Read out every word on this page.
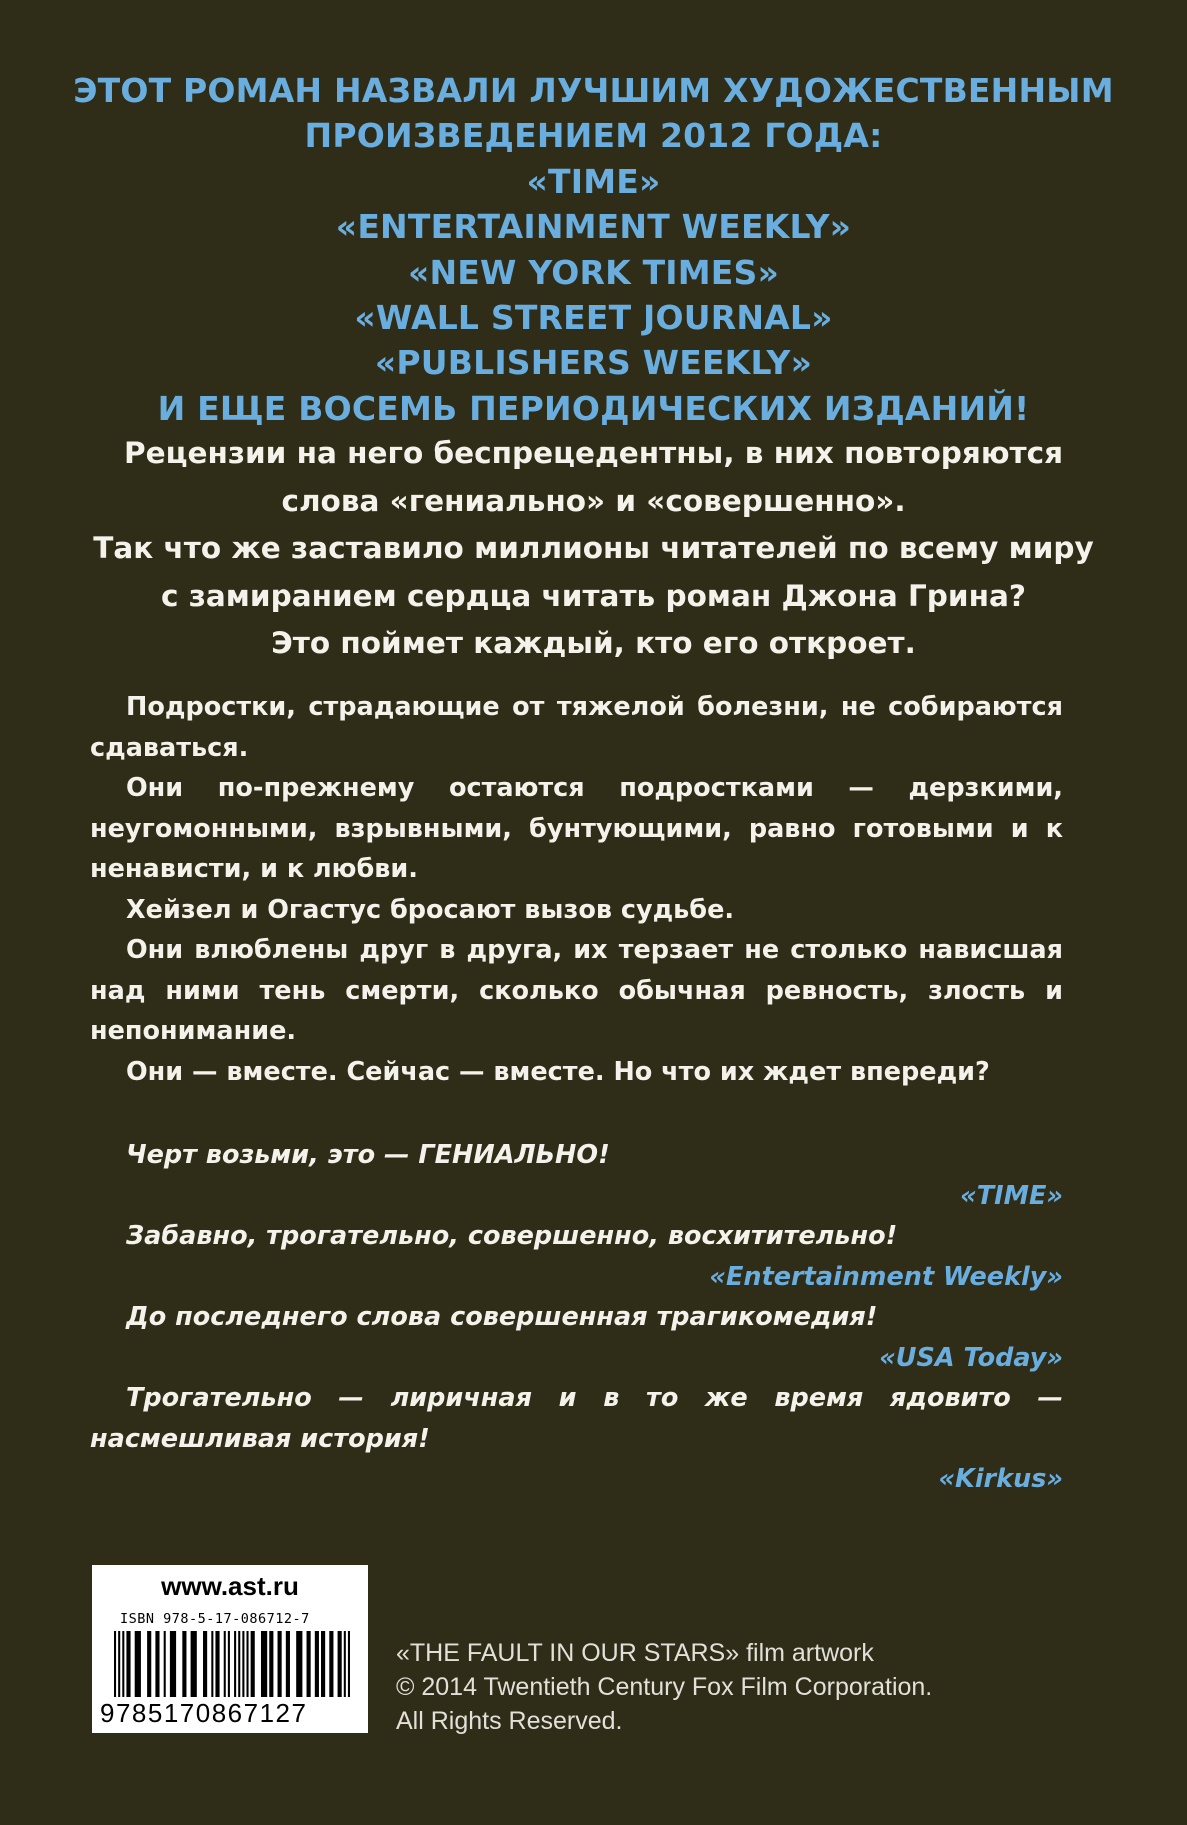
ЭТОТ РОМАН НАЗВАЛИ ЛУЧШИМ ХУДОЖЕСТВЕННЫМ
ПРОИЗВЕДЕНИЕМ 2012 ГОДА:
«TIME»
«ENTERTAINMENT WEEKLY»
«NEW YORK TIMES»
«WALL STREET JOURNAL»
«PUBLISHERS WEEKLY»
И ЕЩЕ ВОСЕМЬ ПЕРИОДИЧЕСКИХ ИЗДАНИЙ!
Рецензии на него беспрецедентны, в них повторяются
слова «гениально» и «совершенно».
Так что же заставило миллионы читателей по всему миру
с замиранием сердца читать роман Джона Грина?
Это поймет каждый, кто его откроет.

Подростки, страдающие от тяжелой болезни, не собираются сдаваться.

Они по-прежнему остаются подростками — дерзкими, неугомонными, взрывными, бунтующими, равно готовыми и к ненависти, и к любви.

Хейзел и Огастус бросают вызов судьбе.

Они влюблены друг в друга, их терзает не столько нависшая над ними тень смерти, сколько обычная ревность, злость и непонимание.

Они — вместе. Сейчас — вместе. Но что их ждет впереди?

Черт возьми, это — ГЕНИАЛЬНО!
«TIME»
Забавно, трогательно, совершенно, восхитительно!
«Entertainment Weekly»
До последнего слова совершенная трагикомедия!
«USA Today»
Трогательно — лиричная и в то же время ядовито — насмешливая история!
«Kirkus»
www.ast.ru
ISBN 978-5-17-086712-7
9785170867127
«THE FAULT IN OUR STARS» film artwork
© 2014 Twentieth Century Fox Film Corporation.
All Rights Reserved.
